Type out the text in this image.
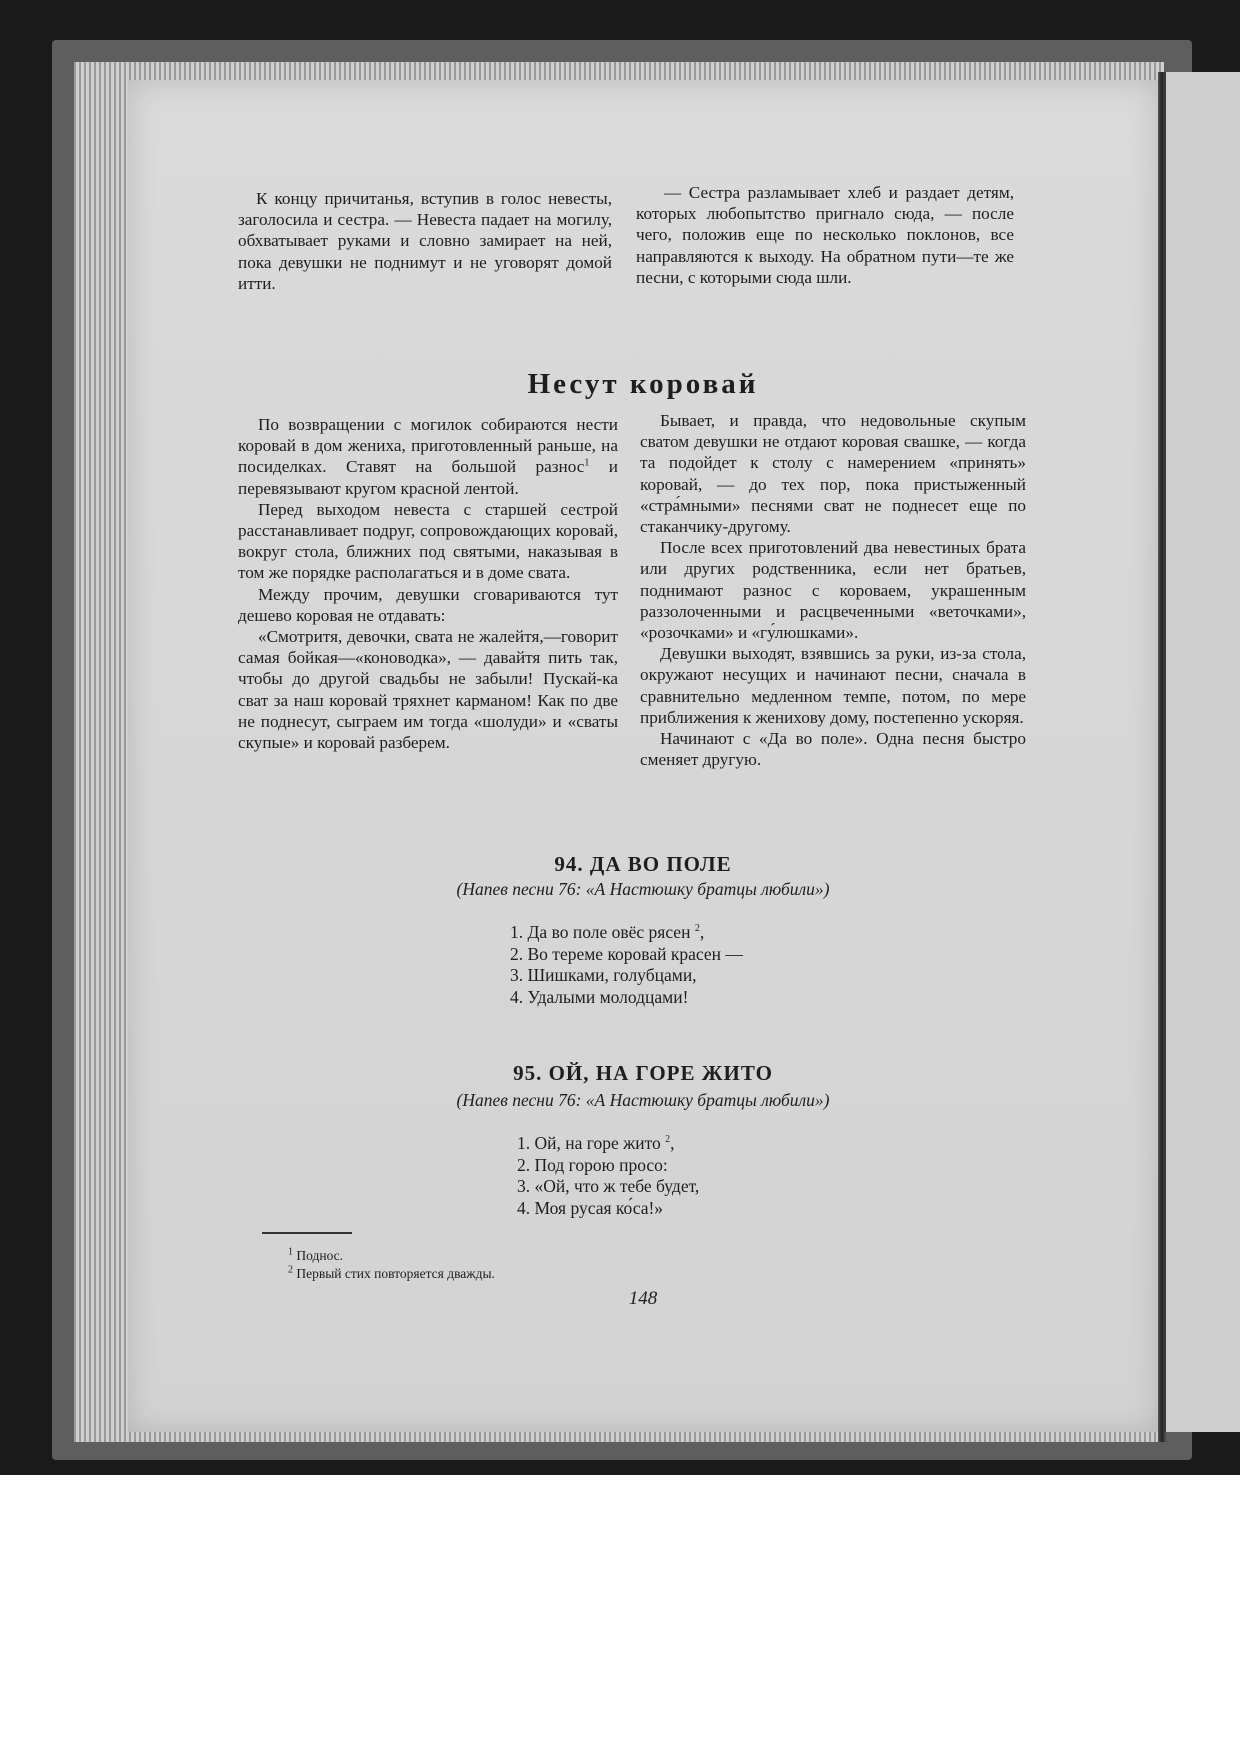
К концу причитанья, вступив в голос невесты, заголосила и сестра. — Невеста падает на могилу, обхватывает руками и словно замирает на ней, пока девушки не поднимут и не уговорят домой итти.

— Сестра разламывает хлеб и раздает детям, которых любопытство пригнало сюда, — после чего, положив еще по несколько поклонов, все направляются к выходу. На обратном пути—те же песни, с которыми сюда шли.

Несут коровай

По возвращении с могилок собираются нести коровай в дом жениха, приготовленный раньше, на посиделках. Ставят на большой разнос$^1$ и перевязывают кругом красной лентой.

Перед выходом невеста с старшей сестрой расстанавливает подруг, сопровождающих коровай, вокруг стола, ближних под святыми, наказывая в том же порядке располагаться и в доме свата.

Между прочим, девушки сговариваются тут дешево коровая не отдавать:

«Смотритя, девочки, свата не жалейтя,—говорит самая бойкая—«коноводка», — давайтя пить так, чтобы до другой свадьбы не забыли! Пускай-ка сват за наш коровай тряхнет карманом! Как по две не поднесут, сыграем им тогда «шолуди» и «сваты скупые» и коровай разберем.

Бывает, и правда, что недовольные скупым сватом девушки не отдают коровая свашке, — когда та подойдет к столу с намерением «принять» коровай, — до тех пор, пока пристыженный «стра́мными» песнями сват не поднесет еще по стаканчику-другому.

После всех приготовлений два невестиных брата или других родственника, если нет братьев, поднимают разнос с короваем, украшенным раззолоченными и расцвеченными «веточками», «розочками» и «гу́люшками».

Девушки выходят, взявшись за руки, из-за стола, окружают несущих и начинают песни, сначала в сравнительно медленном темпе, потом, по мере приближения к женихову дому, постепенно ускоряя.

Начинают с «Да во поле». Одна песня быстро сменяет другую.

94. ДА ВО ПОЛЕ
(Напев песни 76: «А Настюшку братцы любили»)
1. Да во поле овёс рясен $^2$,
2. Во тереме коровай красен —
3. Шишками, голубцами,
4. Удалыми молодцами!
95. ОЙ, НА ГОРЕ ЖИТО
(Напев песни 76: «А Настюшку братцы любили»)
1. Ой, на горе жито $^2$,
2. Под горою просо:
3. «Ой, что ж тебе будет,
4. Моя русая ко́са!»
$^1$ Поднос.
$^2$ Первый стих повторяется дважды.
148
